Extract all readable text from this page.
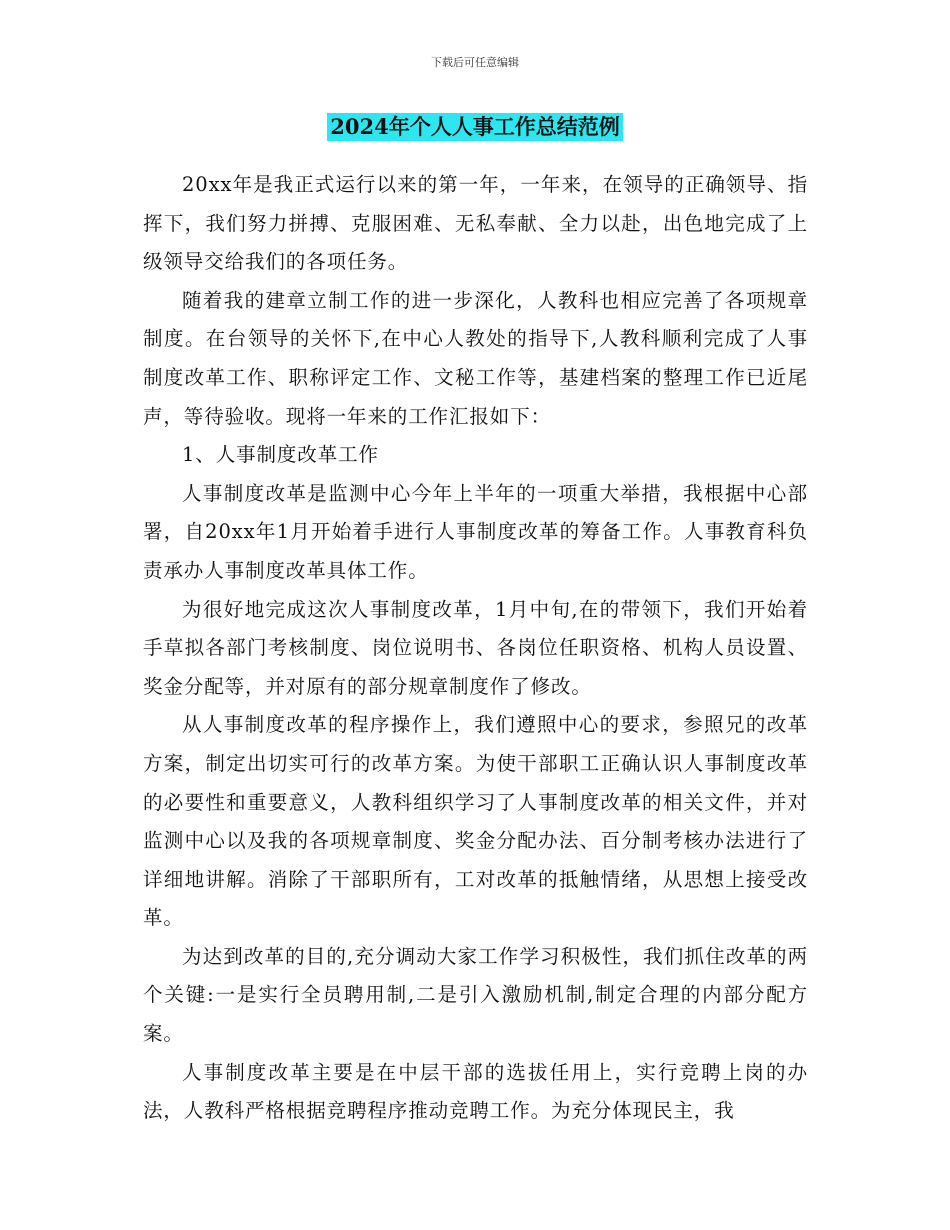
下载后可任意编辑
2024年个人人事工作总结范例

20xx年是我正式运行以来的第一年，一年来，在领导的正确领导、指挥下，我们努力拼搏、克服困难、无私奉献、全力以赴，出色地完成了上级领导交给我们的各项任务。

随着我的建章立制工作的进一步深化，人教科也相应完善了各项规章制度。在台领导的关怀下,在中心人教处的指导下,人教科顺利完成了人事制度改革工作、职称评定工作、文秘工作等，基建档案的整理工作已近尾声，等待验收。现将一年来的工作汇报如下：

1、人事制度改革工作

人事制度改革是监测中心今年上半年的一项重大举措，我根据中心部署，自20xx年1月开始着手进行人事制度改革的筹备工作。人事教育科负责承办人事制度改革具体工作。

为很好地完成这次人事制度改革，1月中旬,在的带领下，我们开始着手草拟各部门考核制度、岗位说明书、各岗位任职资格、机构人员设置、奖金分配等，并对原有的部分规章制度作了修改。

从人事制度改革的程序操作上，我们遵照中心的要求，参照兄的改革方案，制定出切实可行的改革方案。为使干部职工正确认识人事制度改革的必要性和重要意义，人教科组织学习了人事制度改革的相关文件，并对监测中心以及我的各项规章制度、奖金分配办法、百分制考核办法进行了详细地讲解。消除了干部职所有，工对改革的抵触情绪，从思想上接受改革。

为达到改革的目的,充分调动大家工作学习积极性，我们抓住改革的两个关键:一是实行全员聘用制,二是引入激励机制,制定合理的内部分配方案。

人事制度改革主要是在中层干部的选拔任用上，实行竞聘上岗的办法，人教科严格根据竞聘程序推动竞聘工作。为充分体现民主，我
